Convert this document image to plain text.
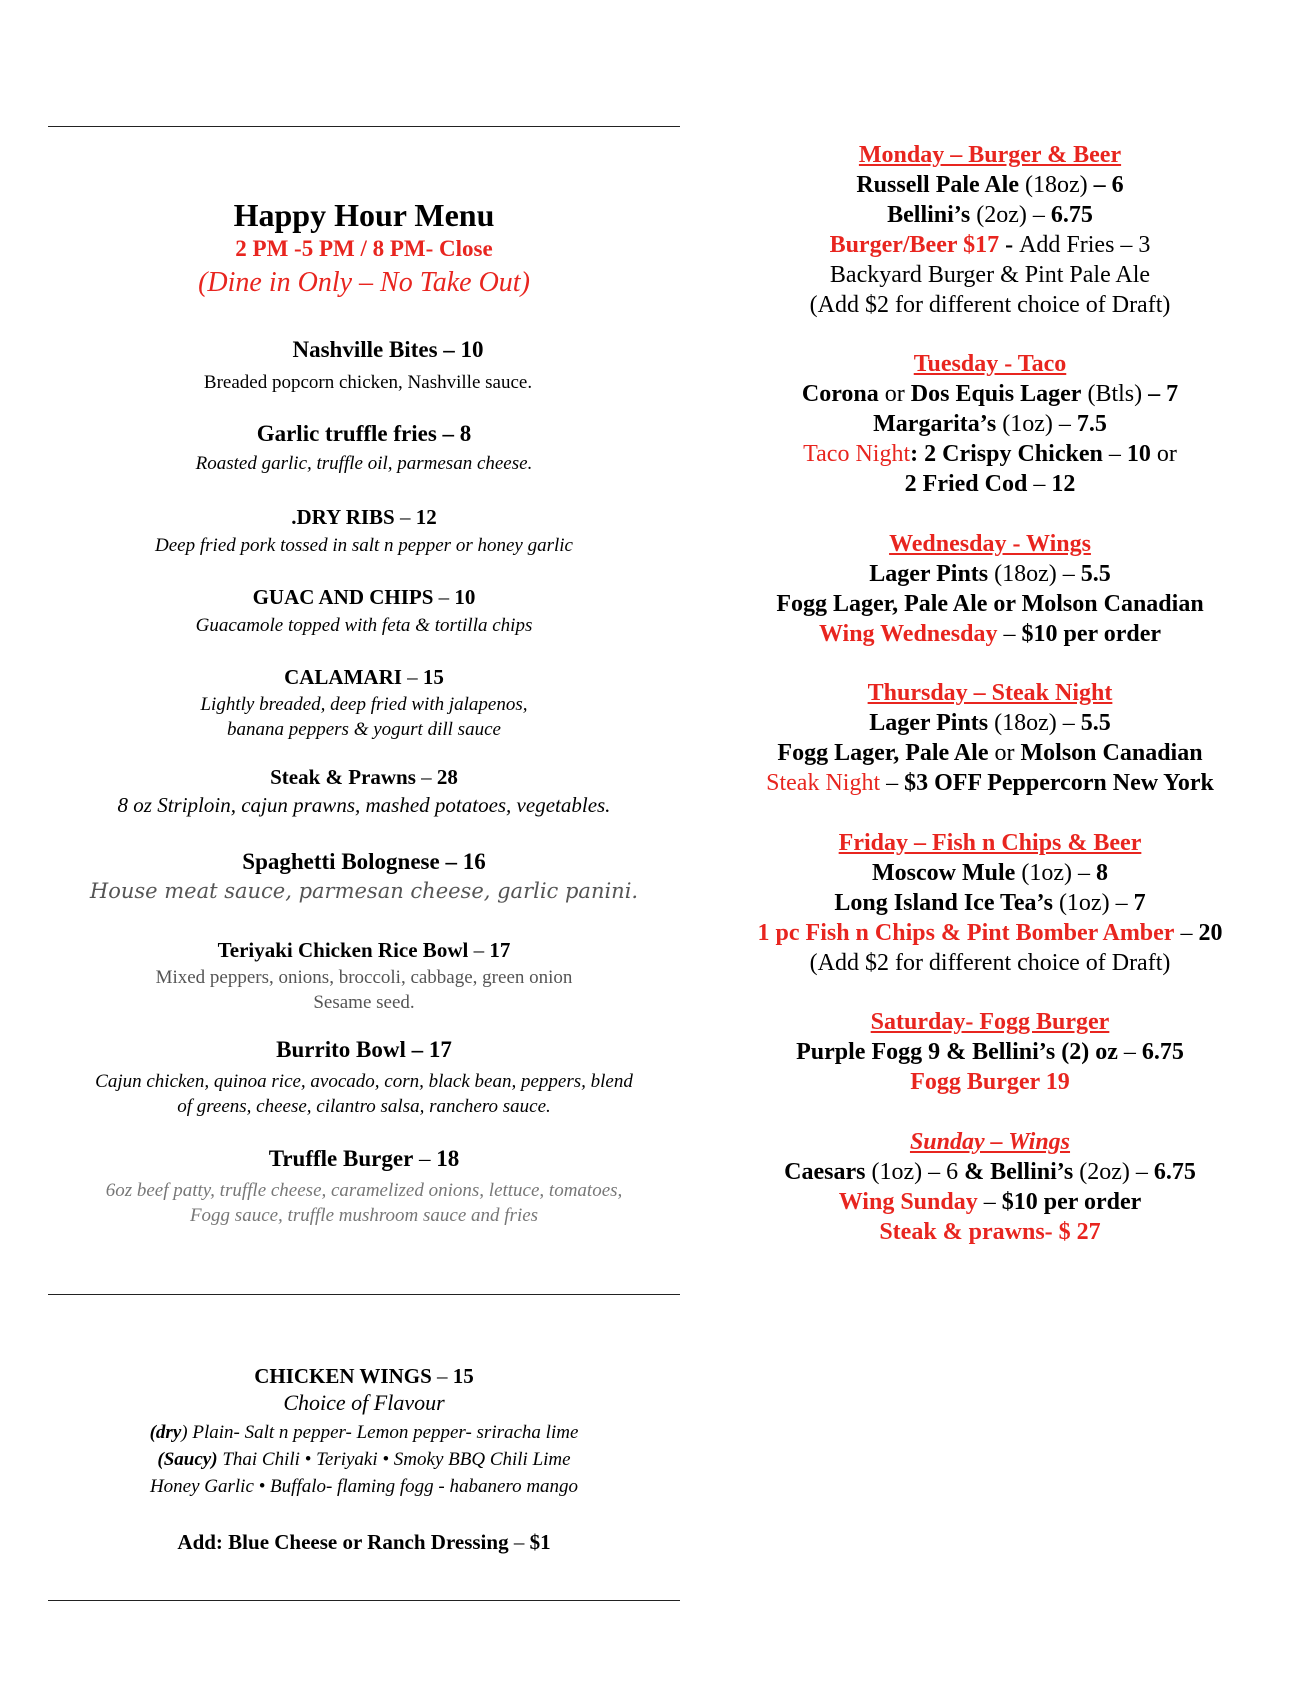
Happy Hour Menu
2 PM -5 PM / 8 PM- Close
(Dine in Only – No Take Out)
Nashville Bites – 10
Breaded popcorn chicken, Nashville sauce.
Garlic truffle fries – 8
Roasted garlic, truffle oil, parmesan cheese.
.DRY RIBS – 12
Deep fried pork tossed in salt n pepper or honey garlic
GUAC AND CHIPS – 10
Guacamole topped with feta & tortilla chips
CALAMARI – 15
Lightly breaded, deep fried with jalapenos,
banana peppers & yogurt dill sauce
Steak & Prawns – 28
8 oz Striploin, cajun prawns, mashed potatoes, vegetables.
Spaghetti Bolognese – 16
House meat sauce, parmesan cheese, garlic panini.
Teriyaki Chicken Rice Bowl – 17
Mixed peppers, onions, broccoli, cabbage, green onion
Sesame seed.
Burrito Bowl – 17
Cajun chicken, quinoa rice, avocado, corn, black bean, peppers, blend
of greens, cheese, cilantro salsa, ranchero sauce.
Truffle Burger – 18
6oz beef patty, truffle cheese, caramelized onions, lettuce, tomatoes,
Fogg sauce, truffle mushroom sauce and fries
CHICKEN WINGS – 15
Choice of Flavour
(dry) Plain- Salt n pepper- Lemon pepper- sriracha lime
(Saucy) Thai Chili • Teriyaki • Smoky BBQ Chili Lime
Honey Garlic • Buffalo- flaming fogg - habanero mango
Add: Blue Cheese or Ranch Dressing – $1
Monday – Burger & Beer
Russell Pale Ale (18oz) – 6
Bellini’s (2oz) – 6.75
Burger/Beer $17 - Add Fries – 3
Backyard Burger & Pint Pale Ale
(Add $2 for different choice of Draft)
Tuesday - Taco
Corona or Dos Equis Lager (Btls) – 7
Margarita’s (1oz) – 7.5
Taco Night: 2 Crispy Chicken – 10 or
2 Fried Cod – 12
Wednesday - Wings
Lager Pints (18oz) – 5.5
Fogg Lager, Pale Ale or Molson Canadian
Wing Wednesday – $10 per order
Thursday – Steak Night
Lager Pints (18oz) – 5.5
Fogg Lager, Pale Ale or Molson Canadian
Steak Night – $3 OFF Peppercorn New York
Friday – Fish n Chips & Beer
Moscow Mule (1oz) – 8
Long Island Ice Tea’s (1oz) – 7
1 pc Fish n Chips & Pint Bomber Amber – 20
(Add $2 for different choice of Draft)
Saturday- Fogg Burger
Purple Fogg 9 & Bellini’s (2) oz – 6.75
Fogg Burger 19
Sunday – Wings
Caesars (1oz) – 6 & Bellini’s (2oz) – 6.75
Wing Sunday – $10 per order
Steak & prawns- $ 27
